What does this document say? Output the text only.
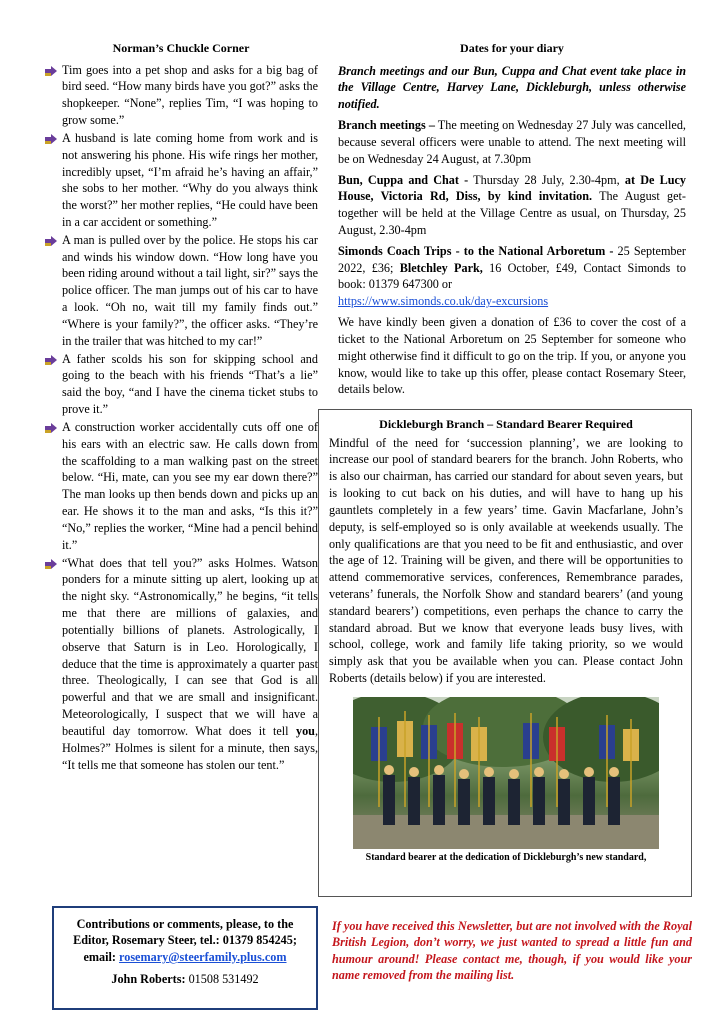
Norman’s Chuckle Corner
Tim goes into a pet shop and asks for a big bag of bird seed. “How many birds have you got?” asks the shopkeeper. “None”, replies Tim, “I was hoping to grow some.”
A husband is late coming home from work and is not answering his phone. His wife rings her mother, incredibly upset, “I’m afraid he’s having an affair,” she sobs to her mother. “Why do you always think the worst?” her mother replies, “He could have been in a car accident or something.”
A man is pulled over by the police. He stops his car and winds his window down. “How long have you been riding around without a tail light, sir?” says the police officer. The man jumps out of his car to have a look. “Oh no, wait till my family finds out.” “Where is your family?”, the officer asks. “They’re in the trailer that was hitched to my car!”
A father scolds his son for skipping school and going to the beach with his friends “That’s a lie” said the boy, “and I have the cinema ticket stubs to prove it.”
A construction worker accidentally cuts off one of his ears with an electric saw. He calls down from the scaffolding to a man walking past on the street below. “Hi, mate, can you see my ear down there?” The man looks up then bends down and picks up an ear. He shows it to the man and asks, “Is this it?” “No,” replies the worker, “Mine had a pencil behind it.”
“What does that tell you?” asks Holmes. Watson ponders for a minute sitting up alert, looking up at the night sky. “Astronomically,” he begins, “it tells me that there are millions of galaxies, and potentially billions of planets. Astrologically, I observe that Saturn is in Leo. Horologically, I deduce that the time is approximately a quarter past three. Theologically, I can see that God is all powerful and that we are small and insignificant. Meteorologically, I suspect that we will have a beautiful day tomorrow. What does it tell you, Holmes?” Holmes is silent for a minute, then says, “It tells me that someone has stolen our tent.”
Dates for your diary

Branch meetings and our Bun, Cuppa and Chat event take place in the Village Centre, Harvey Lane, Dickleburgh, unless otherwise notified.

Branch meetings – The meeting on Wednesday 27 July was cancelled, because several officers were unable to attend. The next meeting will be on Wednesday 24 August, at 7.30pm

Bun, Cuppa and Chat - Thursday 28 July, 2.30-4pm, at De Lucy House, Victoria Rd, Diss, by kind invitation. The August get-together will be held at the Village Centre as usual, on Thursday, 25 August, 2.30-4pm

Simonds Coach Trips - to the National Arboretum - 25 September 2022, £36; Bletchley Park, 16 October, £49, Contact Simonds to book: 01379 647300 or
https://www.simonds.co.uk/day-excursions

We have kindly been given a donation of £36 to cover the cost of a ticket to the National Arboretum on 25 September for someone who might otherwise find it difficult to go on the trip. If you, or anyone you know, would like to take up this offer, please contact Rosemary Steer, details below.

Dickleburgh Branch – Standard Bearer Required

Mindful of the need for ‘succession planning’, we are looking to increase our pool of standard bearers for the branch. John Roberts, who is also our chairman, has carried our standard for about seven years, but is looking to cut back on his duties, and will have to hang up his gauntlets completely in a few years’ time. Gavin Macfarlane, John’s deputy, is self-employed so is only available at weekends usually. The only qualifications are that you need to be fit and enthusiastic, and over the age of 12. Training will be given, and there will be opportunities to attend commemorative services, conferences, Remembrance parades, veterans’ funerals, the Norfolk Show and standard bearers’ (and young standard bearers’) competitions, even perhaps the chance to carry the standard abroad. But we know that everyone leads busy lives, with school, college, work and family life taking priority, so we would simply ask that you be available when you can. Please contact John Roberts (details below) if you are interested.

Standard bearer at the dedication of Dickleburgh’s new standard,
Contributions or comments, please, to the Editor, Rosemary Steer, tel.: 01379 854245; email: rosemary@steerfamily.plus.com
John Roberts: 01508 531492
If you have received this Newsletter, but are not involved with the Royal British Legion, don’t worry, we just wanted to spread a little fun and humour around! Please contact me, though, if you would like your name removed from the mailing list.
